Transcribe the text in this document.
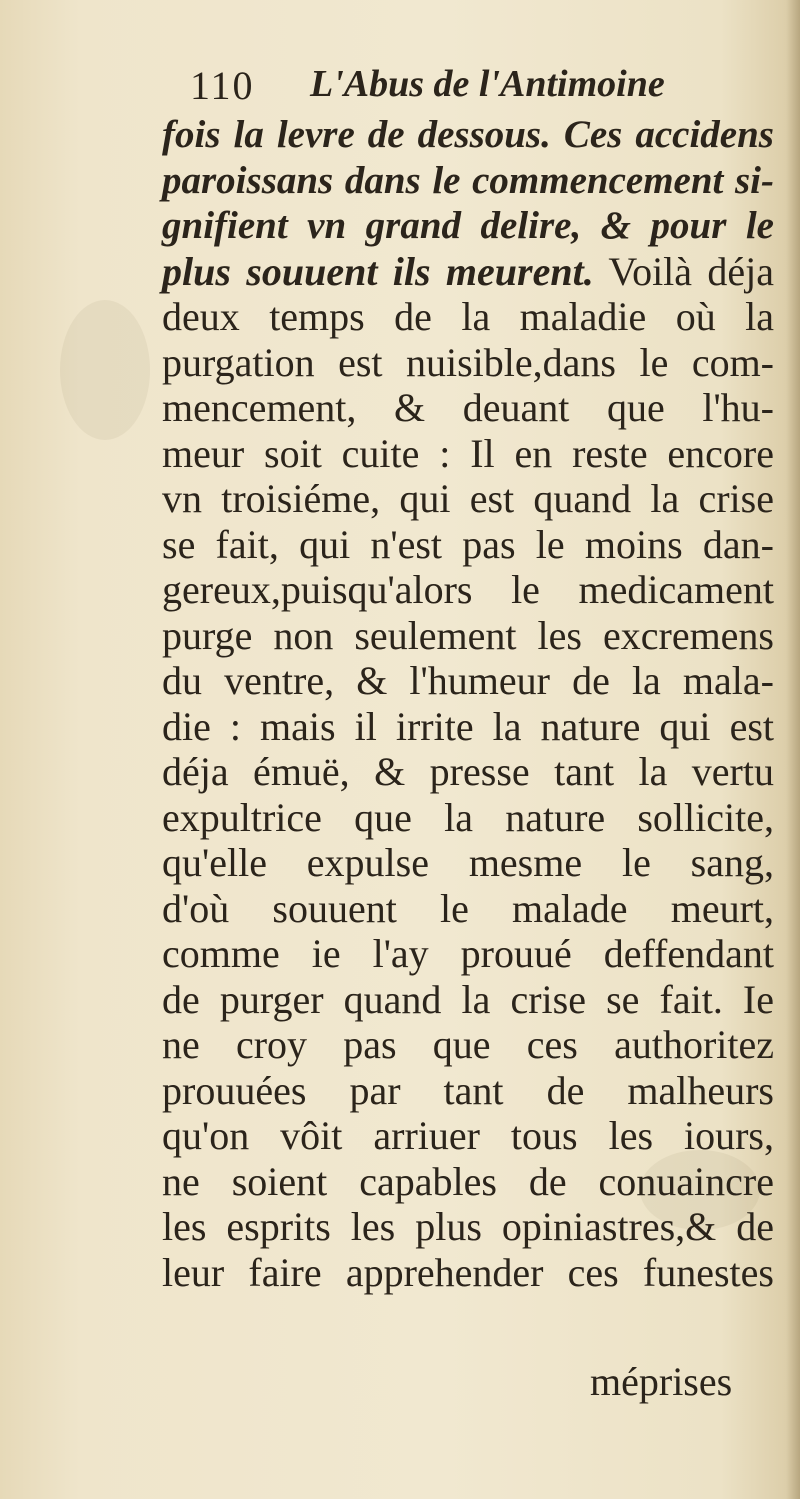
110 L'Abus de l'Antimoine
fois la levre de dessous. Ces accidens
paroissans dans le commencement si-
gnifient vn grand delire, & pour le
plus souuent ils meurent. Voilà déja
deux temps de la maladie où la
purgation est nuisible,dans le com-
mencement, & deuant que l'hu-
meur soit cuite : Il en reste encore
vn troisiéme, qui est quand la crise
se fait, qui n'est pas le moins dan-
gereux,puisqu'alors le medicament
purge non seulement les excremens
du ventre, & l'humeur de la mala-
die : mais il irrite la nature qui est
déja émuë, & presse tant la vertu
expultrice que la nature sollicite,
qu'elle expulse mesme le sang,
d'où souuent le malade meurt,
comme ie l'ay prouué deffendant
de purger quand la crise se fait. Ie
ne croy pas que ces authoritez
prouuées par tant de malheurs
qu'on vôit arriuer tous les iours,
ne soient capables de conuaincre
les esprits les plus opiniastres,& de
leur faire apprehender ces funestes
méprises
